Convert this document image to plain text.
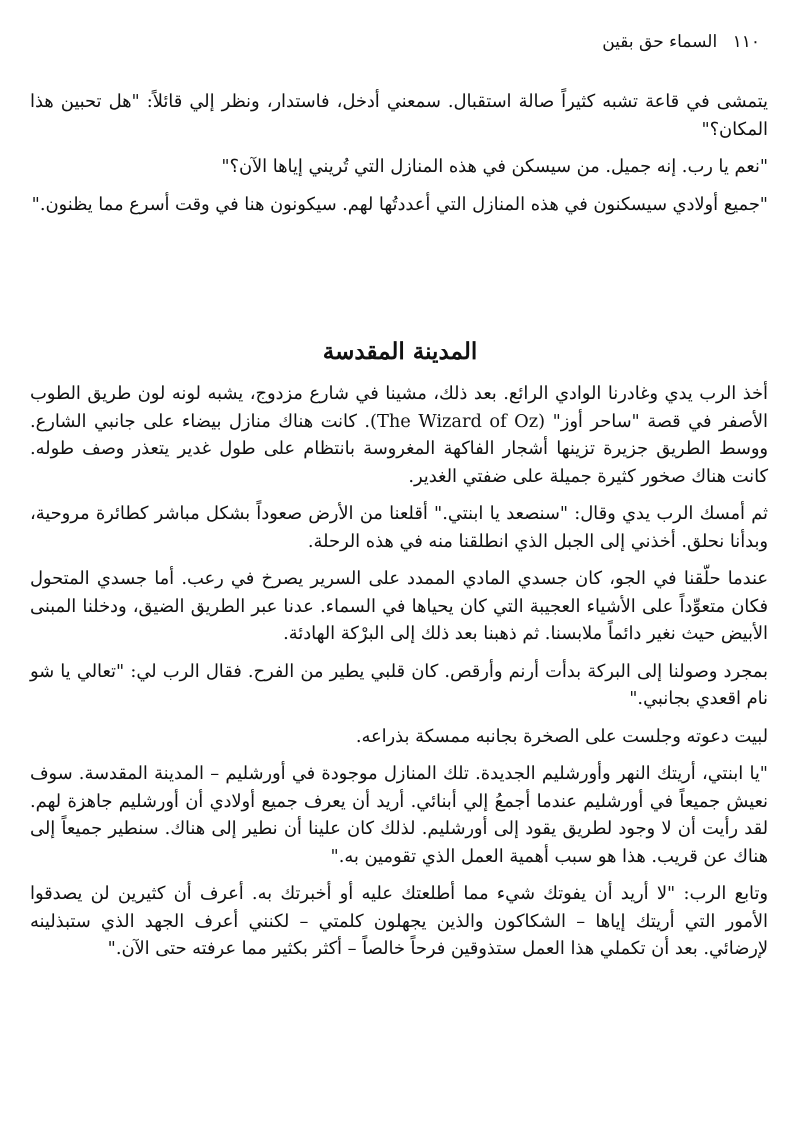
١١٠ السماء حق بقين

يتمشى في قاعة تشبه كثيراً صالة استقبال. سمعني أدخل، فاستدار، ونظر إلي قائلاً: "هل تحبين هذا المكان؟"

"نعم يا رب. إنه جميل. من سيسكن في هذه المنازل التي تُريني إياها الآن؟"

"جميع أولادي سيسكنون في هذه المنازل التي أعددتُها لهم. سيكونون هنا في وقت أسرع مما يظنون."

المدينة المقدسة

أخذ الرب يدي وغادرنا الوادي الرائع. بعد ذلك، مشينا في شارع مزدوج، يشبه لونه لون طريق الطوب الأصفر في قصة "ساحر أوز" (The Wizard of Oz). كانت هناك منازل بيضاء على جانبي الشارع. ووسط الطريق جزيرة تزينها أشجار الفاكهة المغروسة بانتظام على طول غدير يتعذر وصف طوله. كانت هناك صخور كثيرة جميلة على ضفتي الغدير.

ثم أمسك الرب يدي وقال: "سنصعد يا ابنتي." أقلعنا من الأرض صعوداً بشكل مباشر كطائرة مروحية، وبدأنا نحلق. أخذني إلى الجبل الذي انطلقنا منه في هذه الرحلة.

عندما حلّقنا في الجو، كان جسدي المادي الممدد على السرير يصرخ في رعب. أما جسدي المتحول فكان متعوِّداً على الأشياء العجيبة التي كان يحياها في السماء. عدنا عبر الطريق الضيق، ودخلنا المبنى الأبيض حيث نغير دائماً ملابسنا. ثم ذهبنا بعد ذلك إلى البرْكة الهادئة.

بمجرد وصولنا إلى البركة بدأت أرنم وأرقص. كان قلبي يطير من الفرح. فقال الرب لي: "تعالي يا شو نام اقعدي بجانبي."

لبيت دعوته وجلست على الصخرة بجانبه ممسكة بذراعه.

"يا ابنتي، أريتك النهر وأورشليم الجديدة. تلك المنازل موجودة في أورشليم – المدينة المقدسة. سوف نعيش جميعاً في أورشليم عندما أجمعُ إلي أبنائي. أريد أن يعرف جميع أولادي أن أورشليم جاهزة لهم. لقد رأيت أن لا وجود لطريق يقود إلى أورشليم. لذلك كان علينا أن نطير إلى هناك. سنطير جميعاً إلى هناك عن قريب. هذا هو سبب أهمية العمل الذي تقومين به."

وتابع الرب: "لا أريد أن يفوتك شيء مما أطلعتك عليه أو أخبرتك به. أعرف أن كثيرين لن يصدقوا الأمور التي أريتك إياها – الشكاكون والذين يجهلون كلمتي – لكنني أعرف الجهد الذي ستبذلينه لإرضائي. بعد أن تكملي هذا العمل ستذوقين فرحاً خالصاً – أكثر بكثير مما عرفته حتى الآن."
